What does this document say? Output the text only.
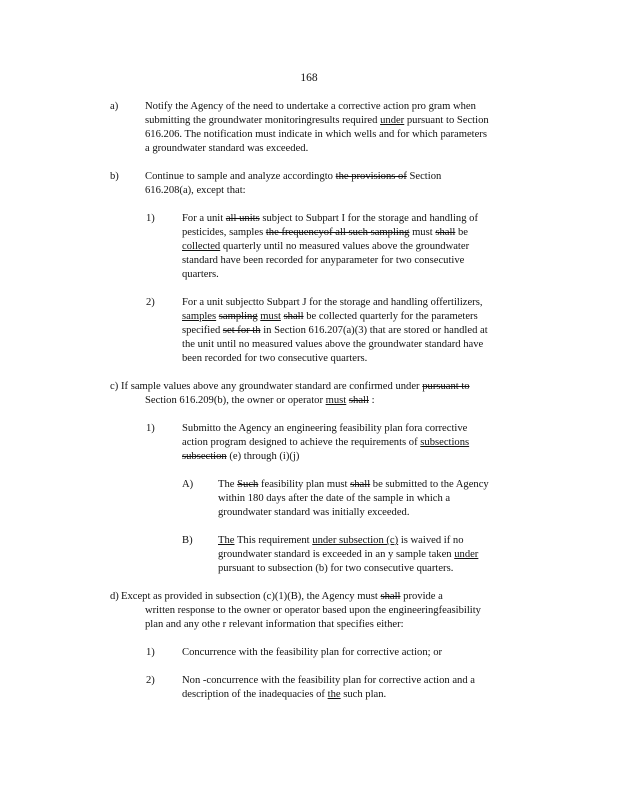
168
a)	Notify the Agency of the need to undertake a corrective action pro gram when
submitting the groundwater monitoringresults required under pursuant to Section
616.206. The notification must indicate in which wells and for which parameters
a groundwater standard was exceeded.
b) Continue to sample and analyze accordingto the provisions of Section
616.208(a), except that:
1)	For a unit all units subject to Subpart I for the storage and handling of
pesticides, samples the frequencyof all such sampling must shall be
collected quarterly until no measured values above the groundwater
standard have been recorded for anyparameter for two consecutive
quarters.
2)	For a unit subjectto Subpart J for the storage and handling offertilizers,
samples sampling must shall be collected quarterly for the parameters
specified set for th in Section 616.207(a)(3) that are stored or handled at
the unit until no measured values above the groundwater standard have
been recorded for two consecutive quarters.
c) If sample values above any groundwater standard are confirmed under pursuant to
Section 616.209(b), the owner or operator must shall :
1)	Submitto the Agency an engineering feasibility plan fora corrective
action program designed to achieve the requirements of subsections
subsection (e) through (i)(j)
A) The Such feasibility plan must shall be submitted to the Agency
within 180 days after the date of the sample in which a
groundwater standard was initially exceeded.
B) The This requirement under subsection (c) is waived if no
groundwater standard is exceeded in an y sample taken under
pursuant to subsection (b) for two consecutive quarters.
d) Except as provided in subsection (c)(1)(B), the Agency must shall provide a
written response to the owner or operator based upon the engineeringfeasibility
plan and any othe r relevant information that specifies either:
1)	Concurrence with the feasibility plan for corrective action; or
2)	Non -concurrence with the feasibility plan for corrective action and a
description of the inadequacies of the such plan.
